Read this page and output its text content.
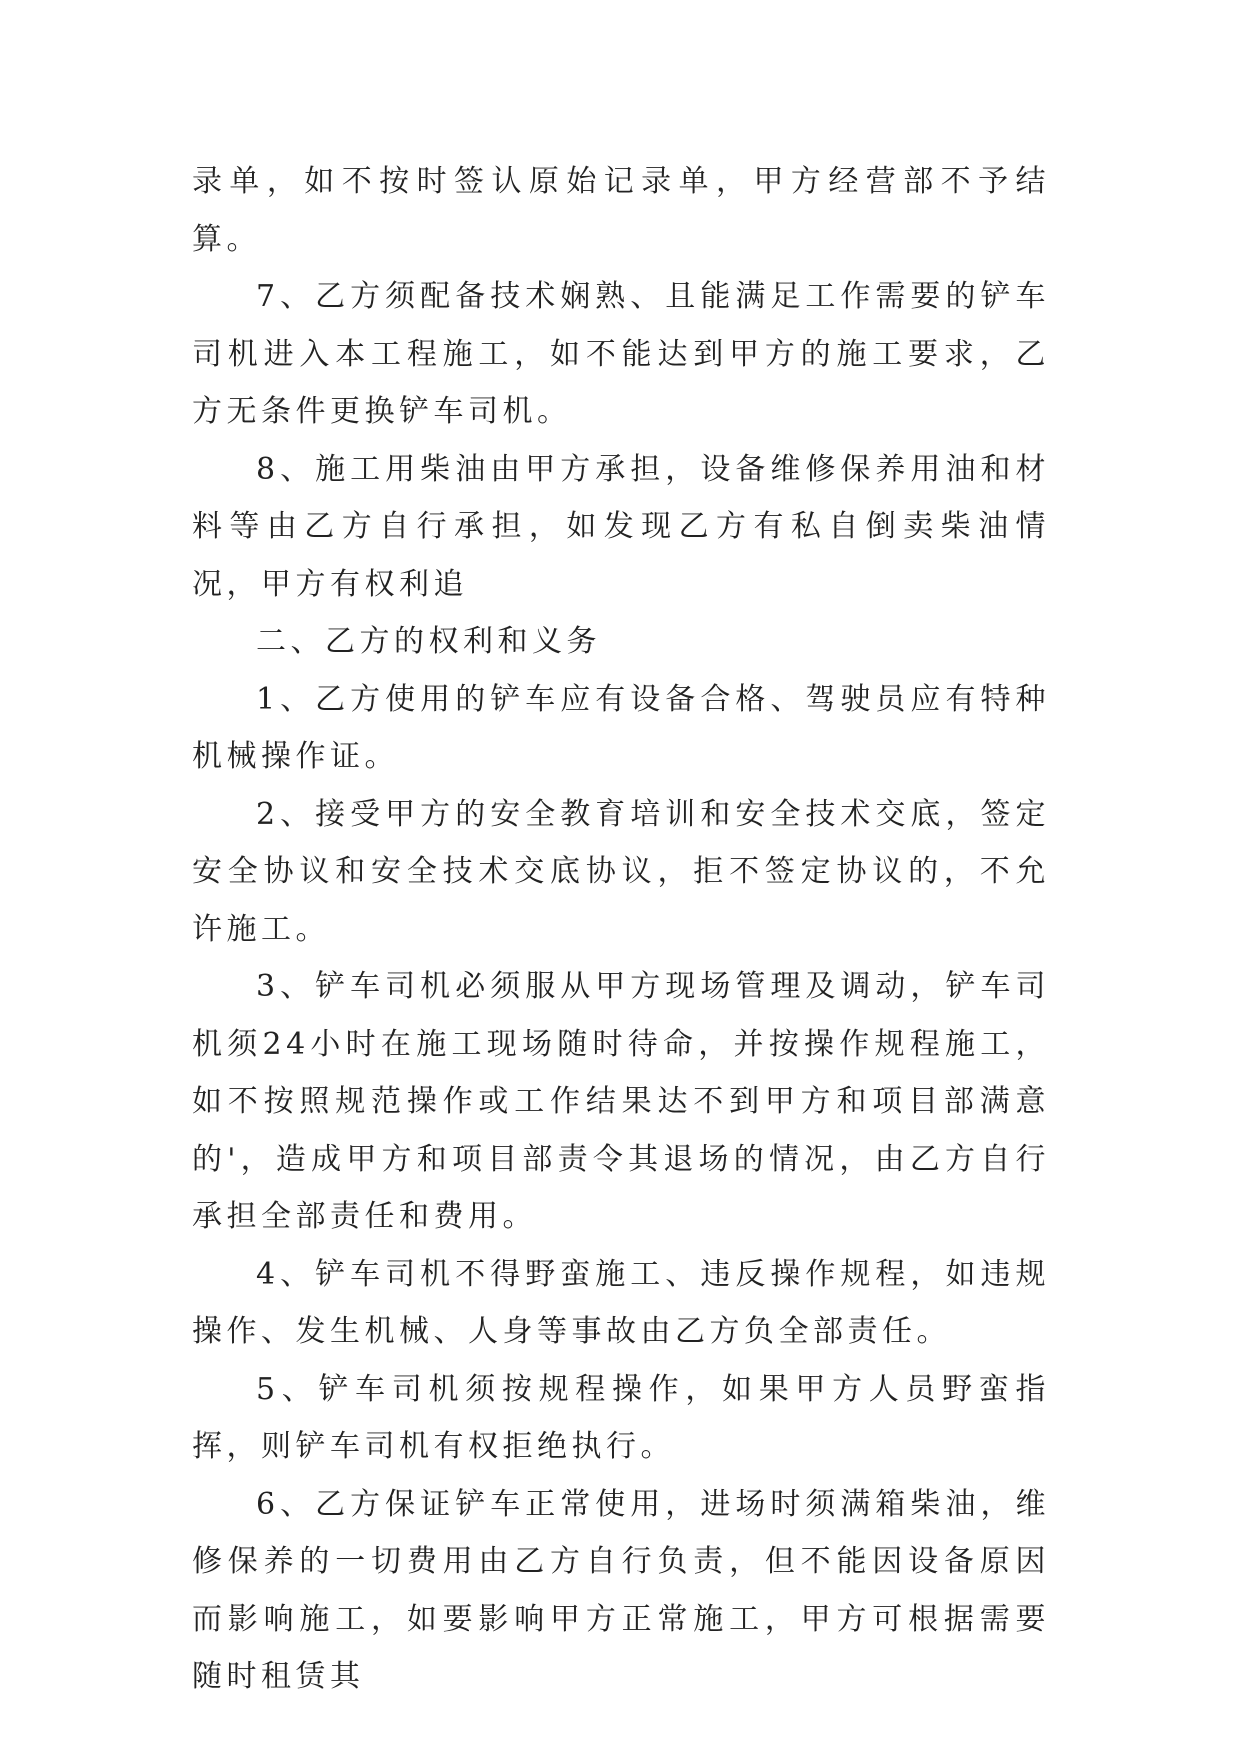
录单，如不按时签认原始记录单，甲方经营部不予结算。

7、乙方须配备技术娴熟、且能满足工作需要的铲车司机进入本工程施工，如不能达到甲方的施工要求，乙方无条件更换铲车司机。

8、施工用柴油由甲方承担，设备维修保养用油和材料等由乙方自行承担，如发现乙方有私自倒卖柴油情况，甲方有权利追

二、乙方的权利和义务

1、乙方使用的铲车应有设备合格、驾驶员应有特种机械操作证。

2、接受甲方的安全教育培训和安全技术交底，签定安全协议和安全技术交底协议，拒不签定协议的，不允许施工。

3、铲车司机必须服从甲方现场管理及调动，铲车司机须24小时在施工现场随时待命，并按操作规程施工，如不按照规范操作或工作结果达不到甲方和项目部满意的'，造成甲方和项目部责令其退场的情况，由乙方自行承担全部责任和费用。

4、铲车司机不得野蛮施工、违反操作规程，如违规操作、发生机械、人身等事故由乙方负全部责任。

5、铲车司机须按规程操作，如果甲方人员野蛮指挥，则铲车司机有权拒绝执行。

6、乙方保证铲车正常使用，进场时须满箱柴油，维修保养的一切费用由乙方自行负责，但不能因设备原因而影响施工，如要影响甲方正常施工，甲方可根据需要随时租赁其
